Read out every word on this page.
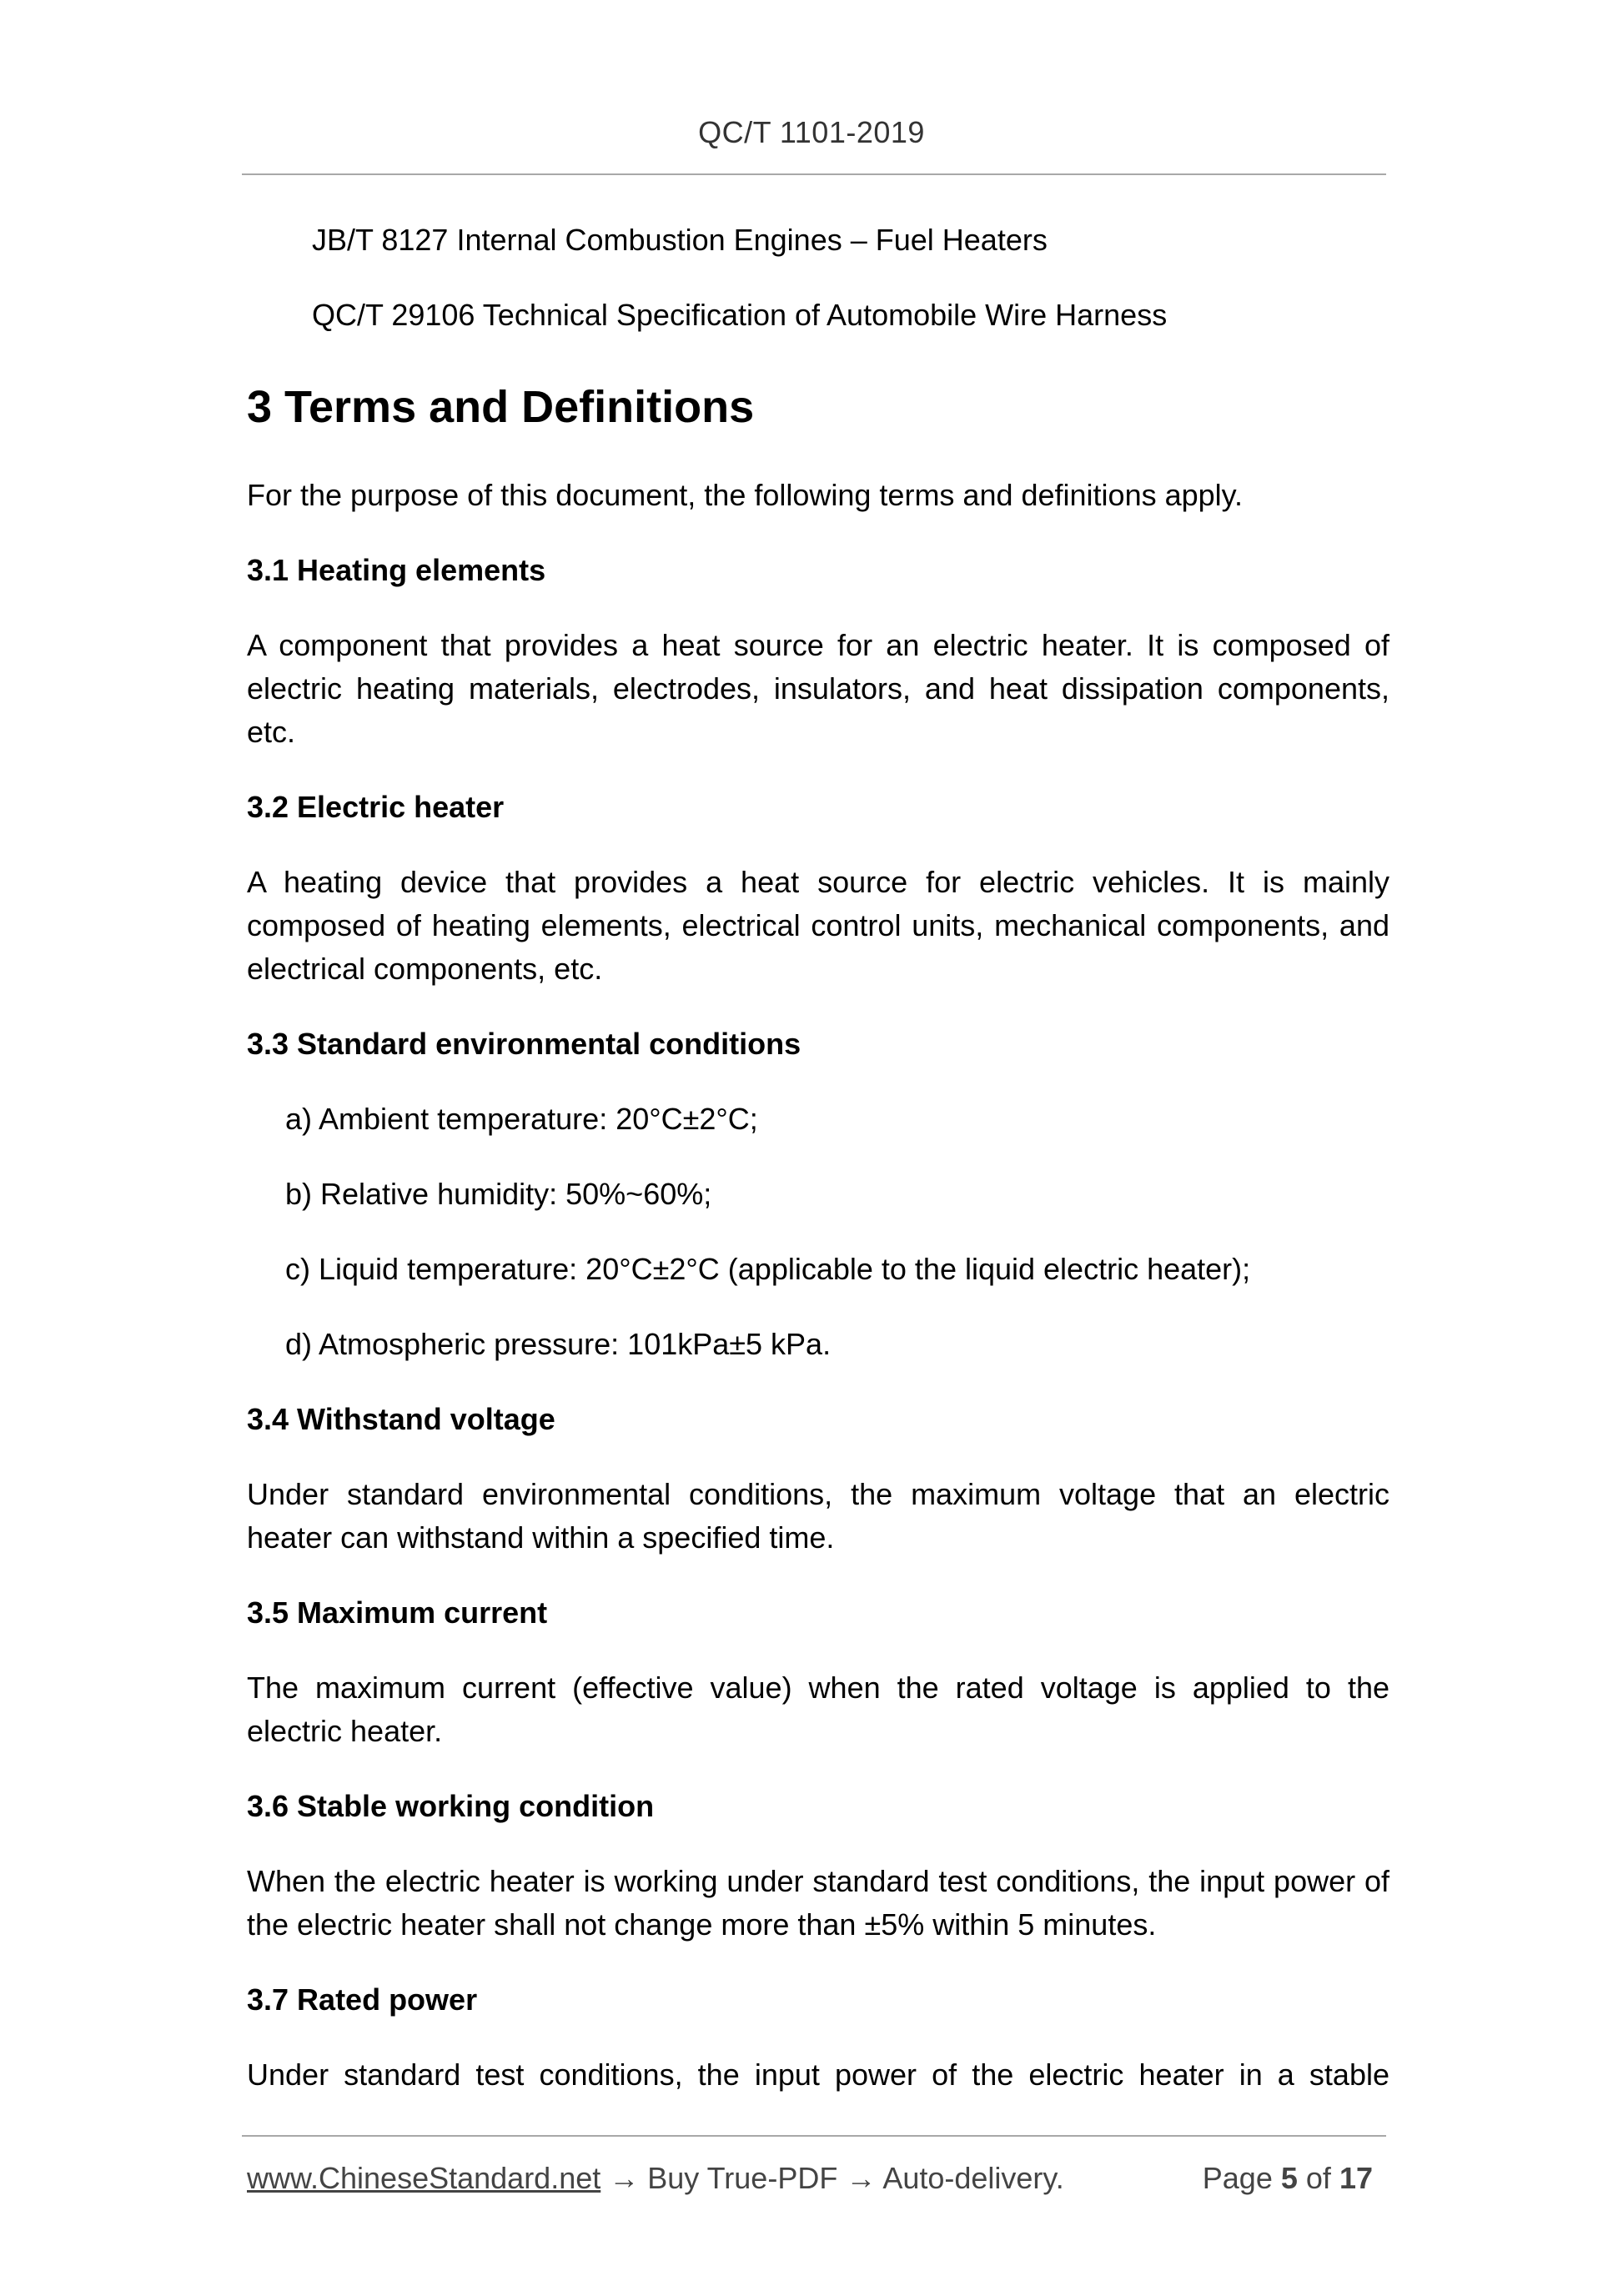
QC/T 1101-2019
JB/T 8127 Internal Combustion Engines – Fuel Heaters
QC/T 29106 Technical Specification of Automobile Wire Harness
3 Terms and Definitions
For the purpose of this document, the following terms and definitions apply.
3.1 Heating elements
A component that provides a heat source for an electric heater. It is composed of electric heating materials, electrodes, insulators, and heat dissipation components, etc.
3.2 Electric heater
A heating device that provides a heat source for electric vehicles. It is mainly composed of heating elements, electrical control units, mechanical components, and electrical components, etc.
3.3 Standard environmental conditions
a) Ambient temperature: 20°C±2°C;
b) Relative humidity: 50%~60%;
c) Liquid temperature: 20°C±2°C (applicable to the liquid electric heater);
d) Atmospheric pressure: 101kPa±5 kPa.
3.4 Withstand voltage
Under standard environmental conditions, the maximum voltage that an electric heater can withstand within a specified time.
3.5 Maximum current
The maximum current (effective value) when the rated voltage is applied to the electric heater.
3.6 Stable working condition
When the electric heater is working under standard test conditions, the input power of the electric heater shall not change more than ±5% within 5 minutes.
3.7 Rated power
Under standard test conditions, the input power of the electric heater in a stable
www.ChineseStandard.net → Buy True-PDF → Auto-delivery.	Page 5 of 17
